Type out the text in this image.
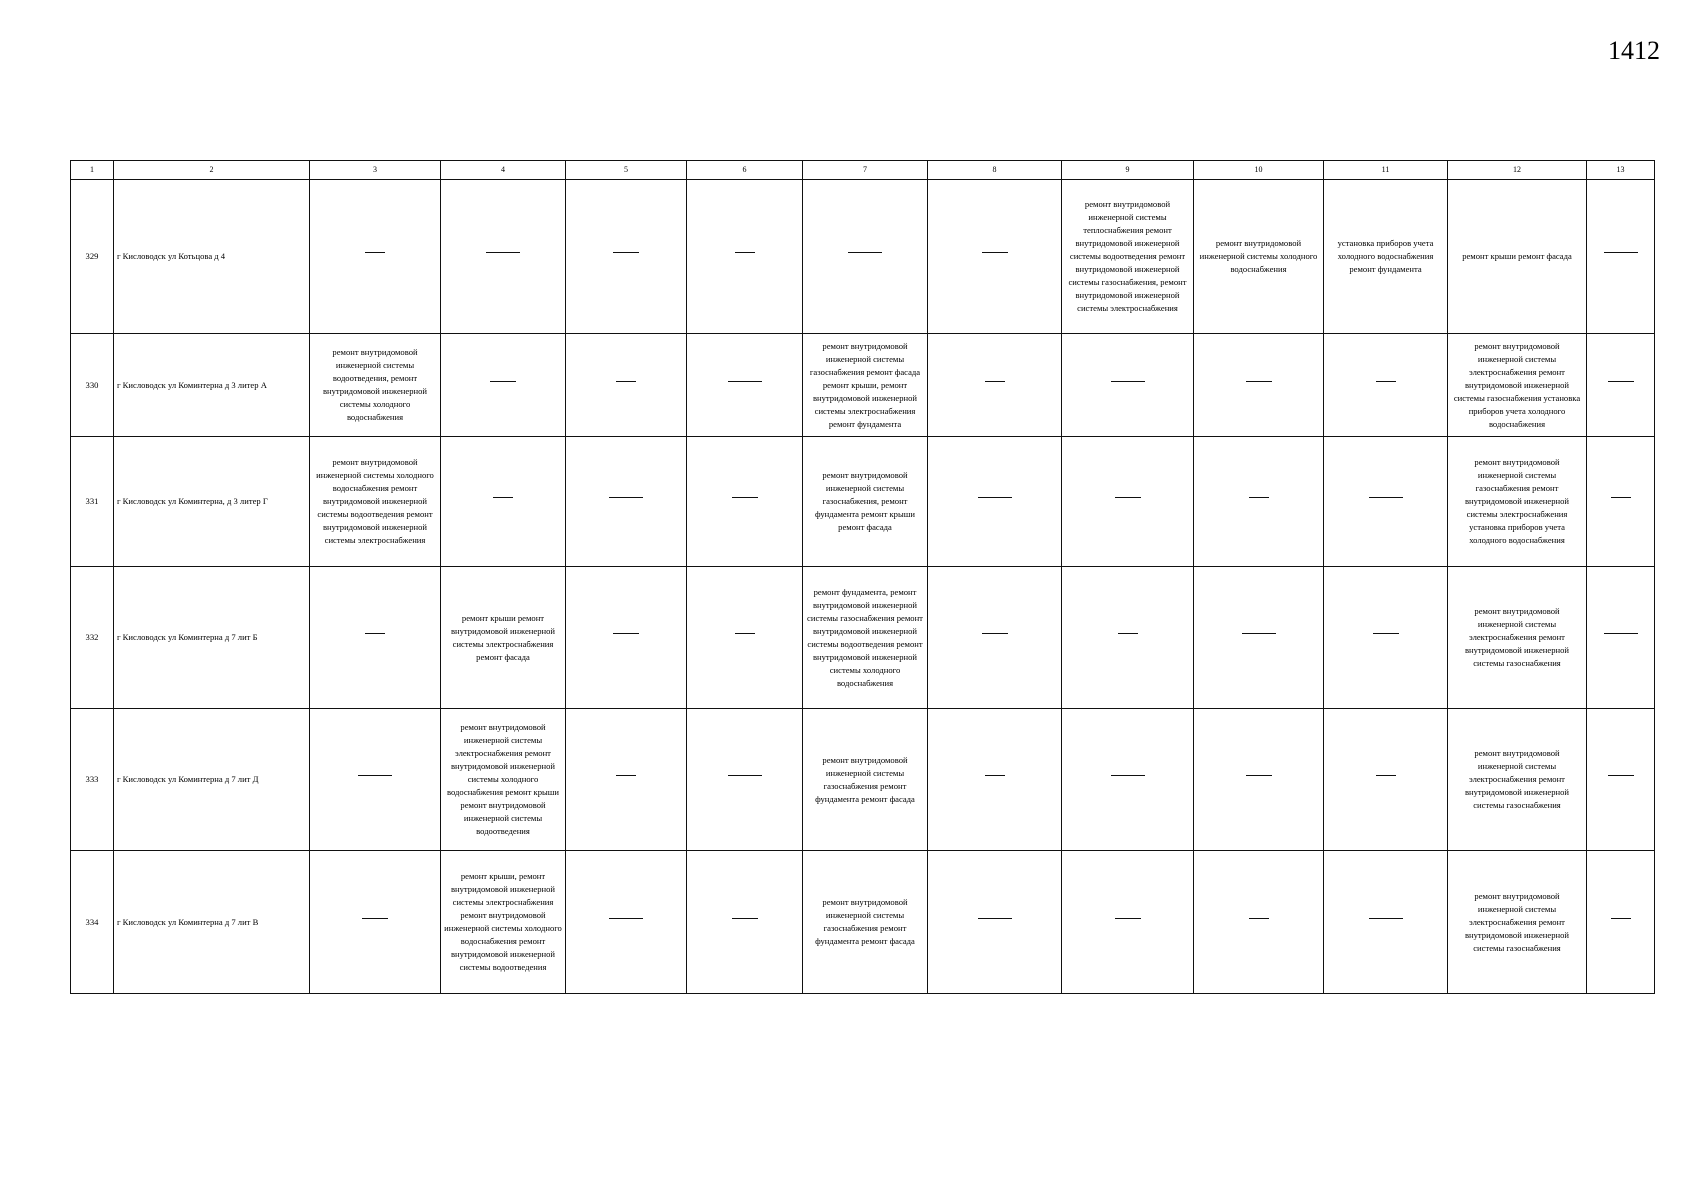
1412
1	2	3	4	5	6	7	8	9	10	11	12	13
329	г Кисловодск ул Котьцова д 4							ремонт внутридомовой инженерной системы теплоснабжения ремонт внутридомовой инженерной системы водоотведения ремонт внутридомовой инженерной системы газоснабжения, ремонт внутридомовой инженерной системы электроснабжения	ремонт внутридомовой инженерной системы холодного водоснабжения	установка приборов учета холодного водоснабжения ремонт фундамента	ремонт крыши ремонт фасада	
330	г Кисловодск ул Коминтерна д 3 литер А	ремонт внутридомовой инженерной системы водоотведения, ремонт внутридомовой инженерной системы холодного водоснабжения				ремонт внутридомовой инженерной системы газоснабжения ремонт фасада ремонт крыши, ремонт внутридомовой инженерной системы электроснабжения ремонт фундамента					ремонт внутридомовой инженерной системы электроснабжения ремонт внутридомовой инженерной системы газоснабжения установка приборов учета холодного водоснабжения	
331	г Кисловодск ул Коминтерна, д 3 литер Г	ремонт внутридомовой инженерной системы холодного водоснабжения ремонт внутридомовой инженерной системы водоотведения ремонт внутридомовой инженерной системы электроснабжения				ремонт внутридомовой инженерной системы газоснабжения, ремонт фундамента ремонт крыши ремонт фасада					ремонт внутридомовой инженерной системы газоснабжения ремонт внутридомовой инженерной системы электроснабжения установка приборов учета холодного водоснабжения	
332	г Кисловодск ул Коминтерна д 7 лит Б		ремонт крыши ремонт внутридомовой инженерной системы электроснабжения ремонт фасада			ремонт фундамента, ремонт внутридомовой инженерной системы газоснабжения ремонт внутридомовой инженерной системы водоотведения ремонт внутридомовой инженерной системы холодного водоснабжения					ремонт внутридомовой инженерной системы электроснабжения ремонт внутридомовой инженерной системы газоснабжения	
333	г Кисловодск ул Коминтерна д 7 лит Д		ремонт внутридомовой инженерной системы электроснабжения ремонт внутридомовой инженерной системы холодного водоснабжения ремонт крыши ремонт внутридомовой инженерной системы водоотведения			ремонт внутридомовой инженерной системы газоснабжения ремонт фундамента ремонт фасада					ремонт внутридомовой инженерной системы электроснабжения ремонт внутридомовой инженерной системы газоснабжения	
334	г Кисловодск ул Коминтерна д 7 лит В		ремонт крыши, ремонт внутридомовой инженерной системы электроснабжения ремонт внутридомовой инженерной системы холодного водоснабжения ремонт внутридомовой инженерной системы водоотведения			ремонт внутридомовой инженерной системы газоснабжения ремонт фундамента ремонт фасада					ремонт внутридомовой инженерной системы электроснабжения ремонт внутридомовой инженерной системы газоснабжения	
